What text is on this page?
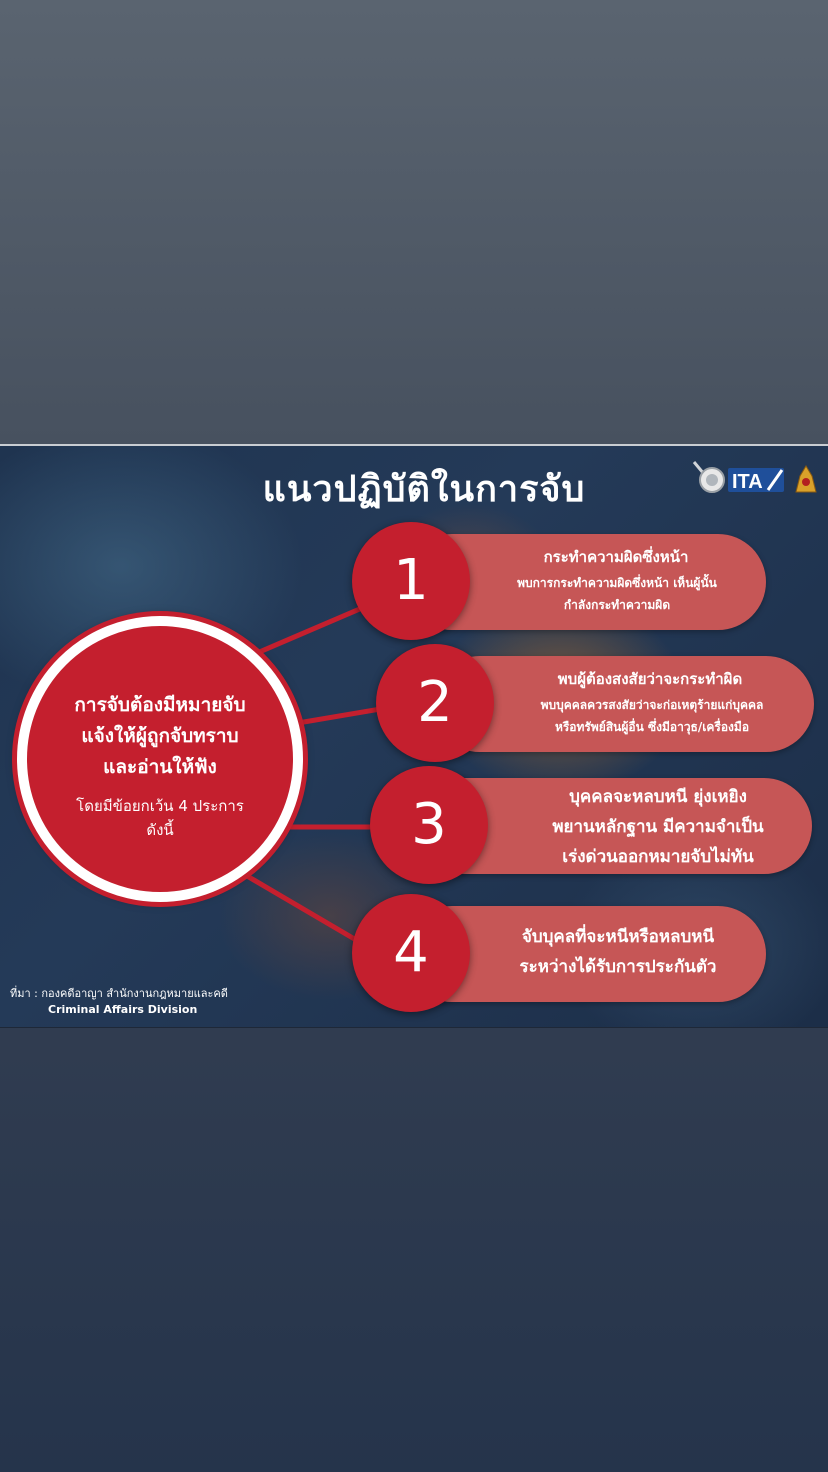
แนวปฏิบัติในการจับ	ITA
การจับต้องมีหมายจับ
แจ้งให้ผู้ถูกจับทราบ
และอ่านให้ฟัง
โดยมีข้อยกเว้น 4 ประการ
ดังนี้
1	กระทำความผิดซึ่งหน้า
พบการกระทำความผิดซึ่งหน้า เห็นผู้นั้น
กำลังกระทำความผิด
2	พบผู้ต้องสงสัยว่าจะกระทำผิด
พบบุคคลควรสงสัยว่าจะก่อเหตุร้ายแก่บุคคล
หรือทรัพย์สินผู้อื่น ซึ่งมีอาวุธ/เครื่องมือ
3	บุคคลจะหลบหนี ยุ่งเหยิง
พยานหลักฐาน มีความจำเป็น
เร่งด่วนออกหมายจับไม่ทัน
4	จับบุคลที่จะหนีหรือหลบหนี
ระหว่างได้รับการประกันตัว
ที่มา : กองคดีอาญา สำนักงานกฎหมายและคดี
Criminal Affairs Division
